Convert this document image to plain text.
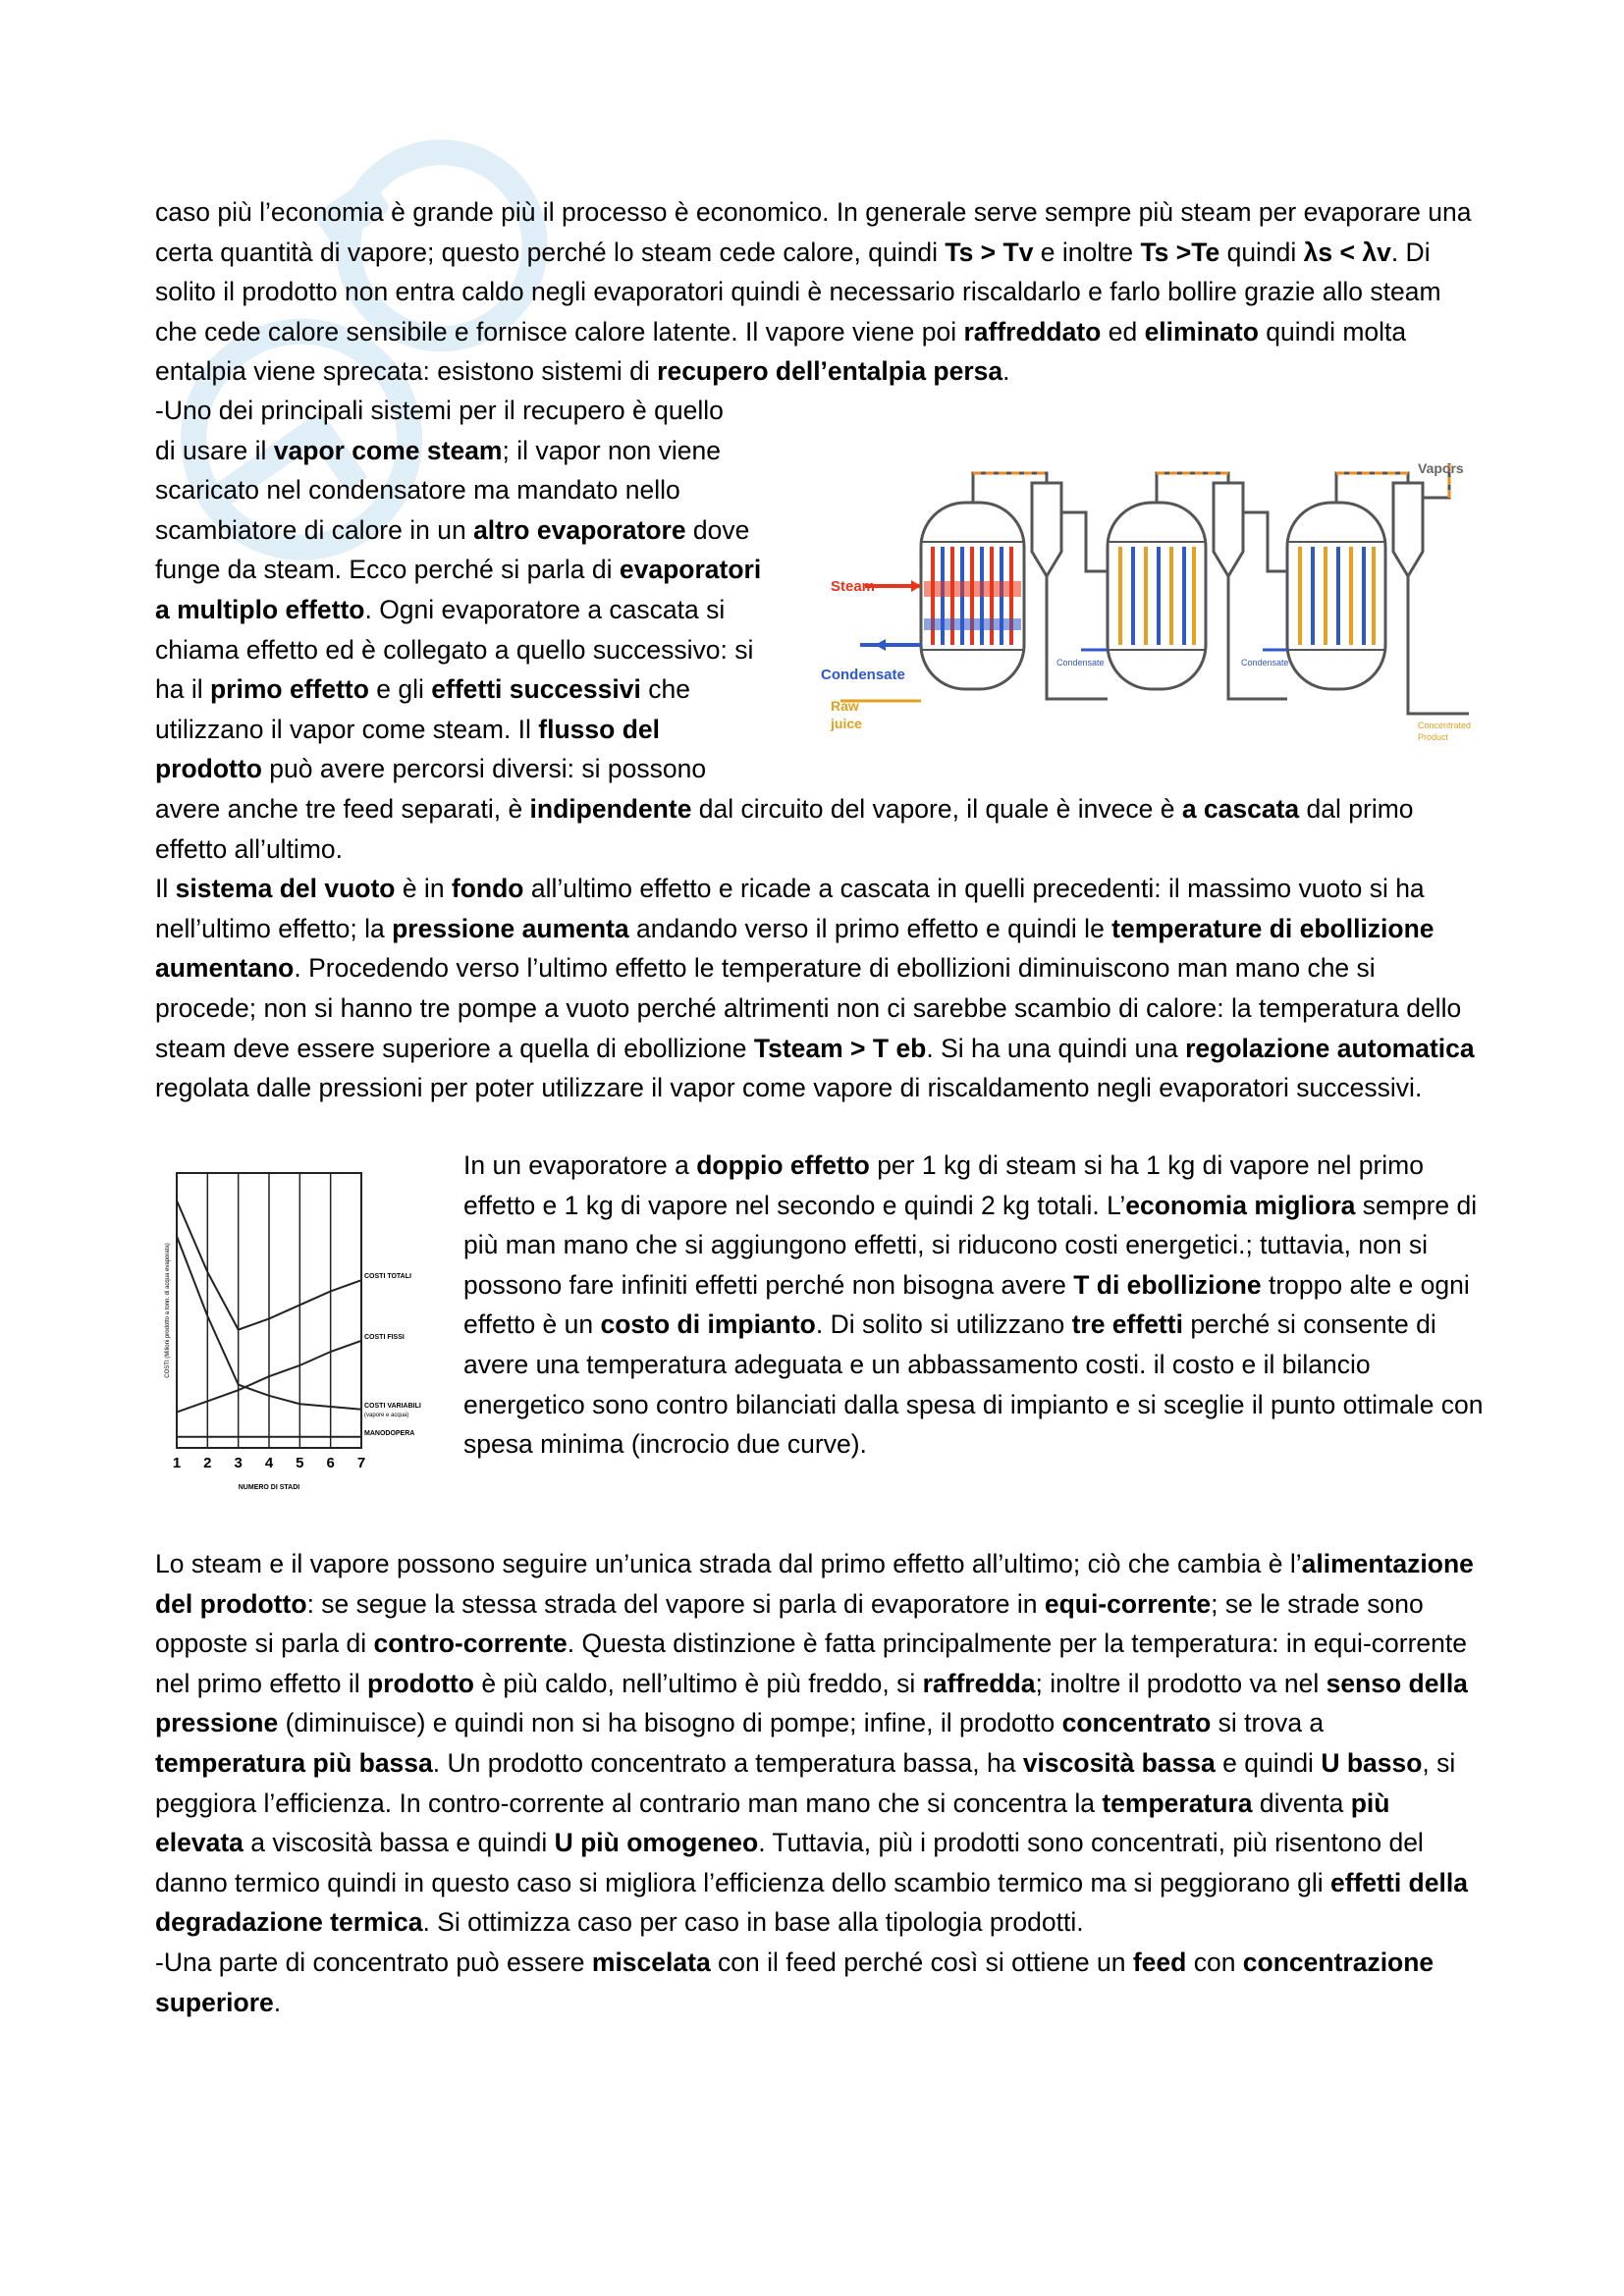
caso più l’economia è grande più il processo è economico. In generale serve sempre più steam per evaporare una certa quantità di vapore; questo perché lo steam cede calore, quindi Ts > Tv e inoltre Ts >Te quindi λs < λv. Di solito il prodotto non entra caldo negli evaporatori quindi è necessario riscaldarlo e farlo bollire grazie allo steam che cede calore sensibile e fornisce calore latente. Il vapore viene poi raffreddato ed eliminato quindi molta entalpia viene sprecata: esistono sistemi di recupero dell’entalpia persa.

-Uno dei principali sistemi per il recupero è quello
di usare il vapor come steam; il vapor non viene
scaricato nel condensatore ma mandato nello
scambiatore di calore in un altro evaporatore dove
funge da steam. Ecco perché si parla di evaporatori
a multiplo effetto. Ogni evaporatore a cascata si
chiama effetto ed è collegato a quello successivo: si
ha il primo effetto e gli effetti successivi che
utilizzano il vapor come steam. Il flusso del
prodotto può avere percorsi diversi: si possono

Steam
Condensate
Raw
juice
Vapors
Condensate	Condensate
Concentrated
Product

avere anche tre feed separati, è indipendente dal circuito del vapore, il quale è invece è a cascata dal primo effetto all’ultimo.
Il sistema del vuoto è in fondo all’ultimo effetto e ricade a cascata in quelli precedenti: il massimo vuoto si ha nell’ultimo effetto; la pressione aumenta andando verso il primo effetto e quindi le temperature di ebollizione aumentano. Procedendo verso l’ultimo effetto le temperature di ebollizioni diminuiscono man mano che si procede; non si hanno tre pompe a vuoto perché altrimenti non ci sarebbe scambio di calore: la temperatura dello steam deve essere superiore a quella di ebollizione Tsteam > T eb. Si ha una quindi una regolazione automatica regolata dalle pressioni per poter utilizzare il vapor come vapore di riscaldamento negli evaporatori successivi.

1 2 3 4 5 6 7
COSTI TOTALI
COSTI FISSI
COSTI VARIABILI
(vapore e acqua)
MANODOPERA
NUMERO DI STADI
COSTI (Milioni prodotto a tonn. di acqua evaporata)

In un evaporatore a doppio effetto per 1 kg di steam si ha 1 kg di vapore nel primo effetto e 1 kg di vapore nel secondo e quindi 2 kg totali. L’economia migliora sempre di più man mano che si aggiungono effetti, si riducono costi energetici.; tuttavia, non si possono fare infiniti effetti perché non bisogna avere T di ebollizione troppo alte e ogni effetto è un costo di impianto. Di solito si utilizzano tre effetti perché si consente di avere una temperatura adeguata e un abbassamento costi. il costo e il bilancio energetico sono contro bilanciati dalla spesa di impianto e si sceglie il punto ottimale con spesa minima (incrocio due curve).

Lo steam e il vapore possono seguire un’unica strada dal primo effetto all’ultimo; ciò che cambia è l’alimentazione del prodotto: se segue la stessa strada del vapore si parla di evaporatore in equi-corrente; se le strade sono opposte si parla di contro-corrente. Questa distinzione è fatta principalmente per la temperatura: in equi-corrente nel primo effetto il prodotto è più caldo, nell’ultimo è più freddo, si raffredda; inoltre il prodotto va nel senso della pressione (diminuisce) e quindi non si ha bisogno di pompe; infine, il prodotto concentrato si trova a temperatura più bassa. Un prodotto concentrato a temperatura bassa, ha viscosità bassa e quindi U basso, si peggiora l’efficienza. In contro-corrente al contrario man mano che si concentra la temperatura diventa più elevata a viscosità bassa e quindi U più omogeneo. Tuttavia, più i prodotti sono concentrati, più risentono del danno termico quindi in questo caso si migliora l’efficienza dello scambio termico ma si peggiorano gli effetti della degradazione termica. Si ottimizza caso per caso in base alla tipologia prodotti.
-Una parte di concentrato può essere miscelata con il feed perché così si ottiene un feed con concentrazione superiore.
